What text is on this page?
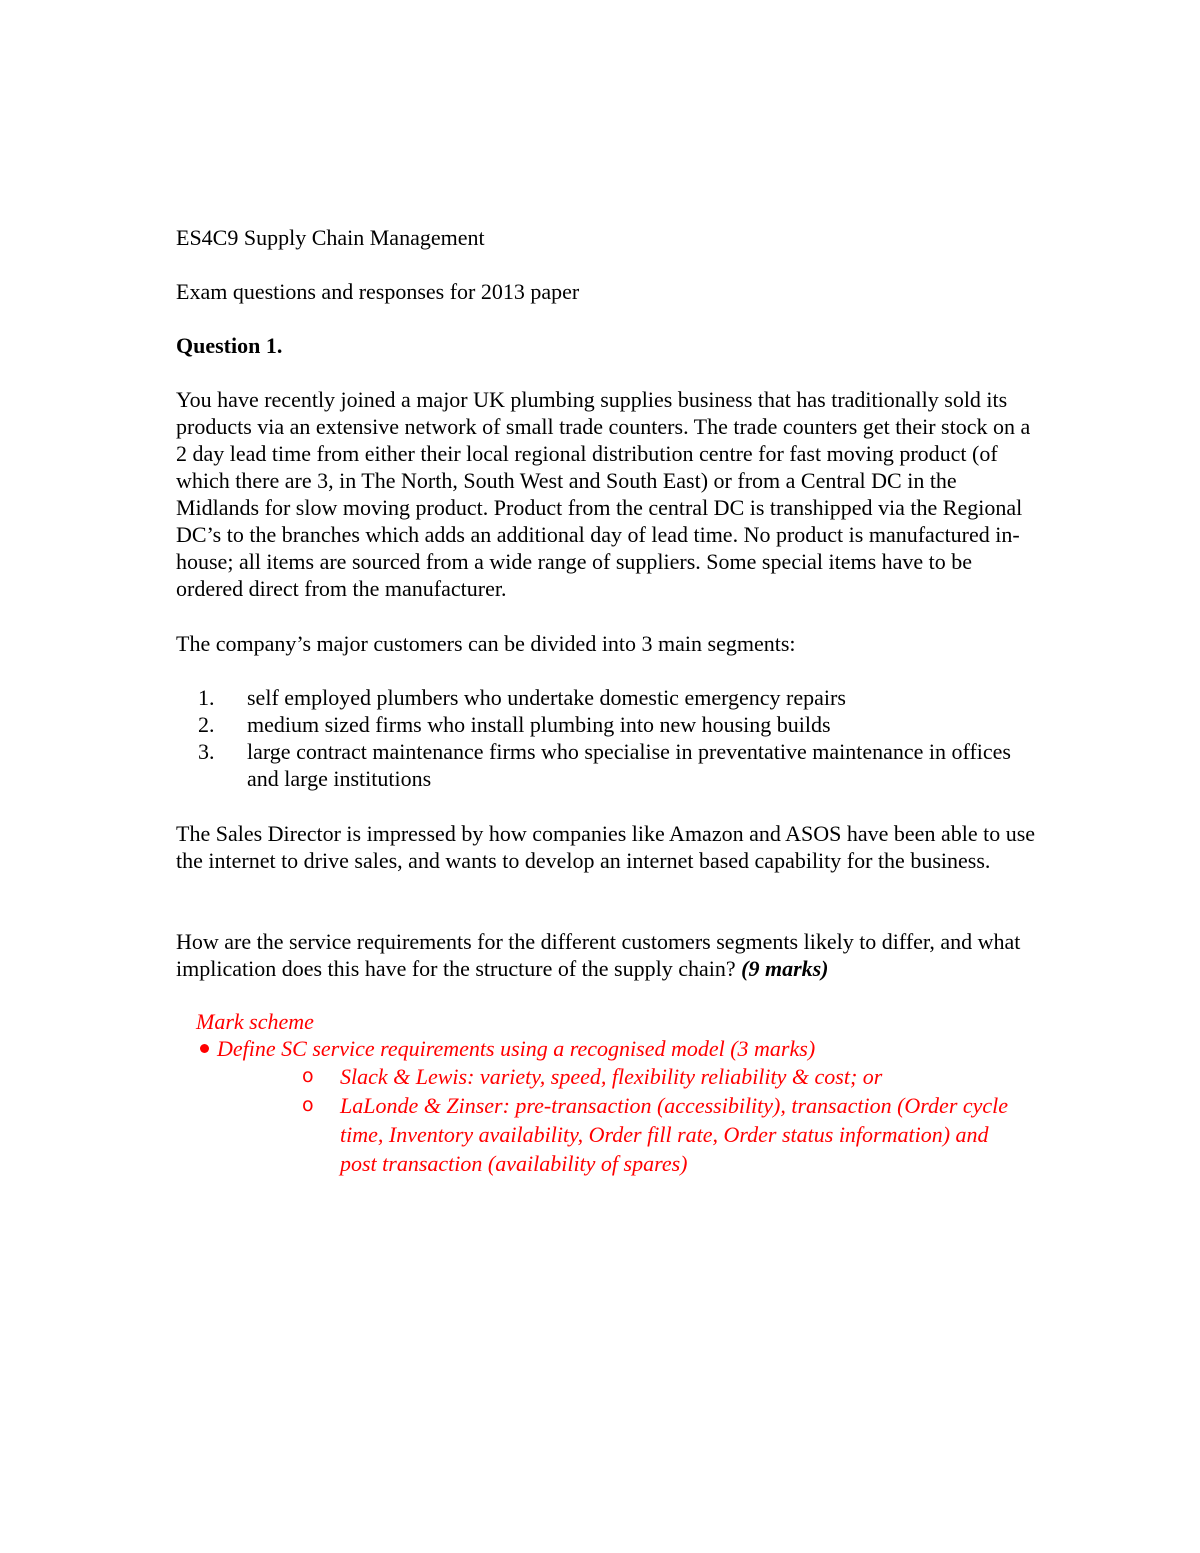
ES4C9 Supply Chain Management
Exam questions and responses for 2013 paper
Question 1.

You have recently joined a major UK plumbing supplies business that has traditionally sold its products via an extensive network of small trade counters. The trade counters get their stock on a 2 day lead time from either their local regional distribution centre for fast moving product (of which there are 3, in The North, South West and South East) or from a Central DC in the Midlands for slow moving product. Product from the central DC is transhipped via the Regional DC’s to the branches which adds an additional day of lead time. No product is manufactured in-house; all items are sourced from a wide range of suppliers. Some special items have to be ordered direct from the manufacturer.

The company’s major customers can be divided into 3 main segments:
1. self employed plumbers who undertake domestic emergency repairs
2. medium sized firms who install plumbing into new housing builds
3. large contract maintenance firms who specialise in preventative maintenance in offices and large institutions

The Sales Director is impressed by how companies like Amazon and ASOS have been able to use the internet to drive sales, and wants to develop an internet based capability for the business.

How are the service requirements for the different customers segments likely to differ, and what implication does this have for the structure of the supply chain? (9 marks)

Mark scheme
Define SC service requirements using a recognised model (3 marks)
o Slack & Lewis: variety, speed, flexibility reliability & cost; or
o LaLonde & Zinser: pre-transaction (accessibility), transaction (Order cycle time, Inventory availability, Order fill rate, Order status information) and post transaction (availability of spares)
